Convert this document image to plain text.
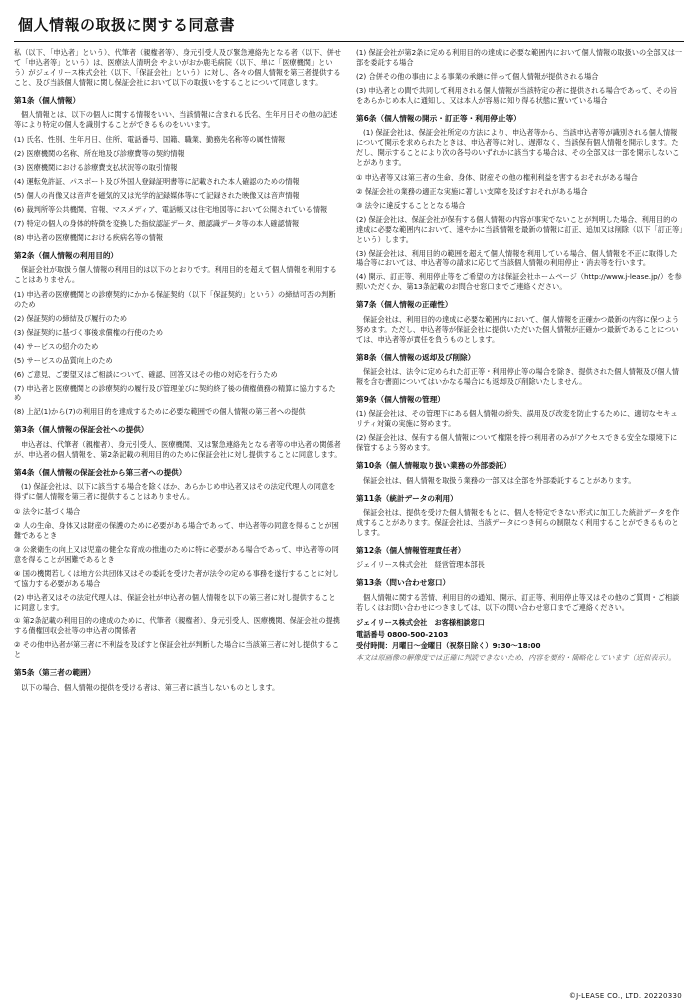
個人情報の取扱に関する同意書

私（以下、「申込者」という）、代筆者（親権者等）、身元引受人及び緊急連絡先となる者（以下、併せて「申込者等」という）は、医療法人清明会 やよいがおか鹿毛病院（以下、単に「医療機関」という）がジェイリース株式会社（以下、「保証会社」という）に対し、各々の個人情報を第三者提供すること、及び当該個人情報に関し保証会社において以下の取扱いをすることについて同意します。

第1条（個人情報）

個人情報とは、以下の個人に関する情報をいい、当該情報に含まれる氏名、生年月日その他の記述等により特定の個人を識別することができるものをいいます。

(1) 氏名、性別、生年月日、住所、電話番号、国籍、職業、勤務先名称等の属性情報

(2) 医療機関の名称、所在地及び診療費等の契約情報

(3) 医療機関における診療費支払状況等の取引情報

(4) 運転免許証、パスポート及び外国人登録証明書等に記載された本人確認のための情報

(5) 個人の肖像又は音声を磁気的又は光学的記録媒体等にて記録された映像又は音声情報

(6) 裁判所等公共機関、官報、マスメディア、電話帳又は住宅地図等において公開されている情報

(7) 特定の個人の身体的特徴を変換した指紋認証データ、顔認識データ等の本人確認情報

(8) 申込者の医療機関における疾病名等の情報

第2条（個人情報の利用目的）

保証会社が取扱う個人情報の利用目的は以下のとおりです。利用目的を超えて個人情報を利用することはありません。

(1) 申込者の医療機関との診療契約にかかる保証契約（以下「保証契約」という）の締結可否の判断のため

(2) 保証契約の締結及び履行のため

(3) 保証契約に基づく事後求償権の行使のため

(4) サービスの紹介のため

(5) サービスの品質向上のため

(6) ご意見、ご要望又はご相談について、確認、回答又はその他の対応を行うため

(7) 申込者と医療機関との診療契約の履行及び管理並びに契約終了後の債権債務の精算に協力するため

(8) 上記(1)から(7)の利用目的を達成するために必要な範囲での個人情報の第三者への提供

第3条（個人情報の保証会社への提供）

申込者は、代筆者（親権者）、身元引受人、医療機関、又は緊急連絡先となる者等の申込者の関係者が、申込者の個人情報を、第2条記載の利用目的のために保証会社に対し提供することに同意します。

第4条（個人情報の保証会社から第三者への提供）

(1) 保証会社は、以下に該当する場合を除くほか、あらかじめ申込者又はその法定代理人の同意を得ずに個人情報を第三者に提供することはありません。

① 法令に基づく場合

② 人の生命、身体又は財産の保護のために必要がある場合であって、申込者等の同意を得ることが困難であるとき

③ 公衆衛生の向上又は児童の健全な育成の推進のために特に必要がある場合であって、申込者等の同意を得ることが困難であるとき

④ 国の機関若しくは地方公共団体又はその委託を受けた者が法令の定める事務を遂行することに対して協力する必要がある場合

(2) 申込者又はその法定代理人は、保証会社が申込者の個人情報を以下の第三者に対し提供することに同意します。

① 第2条記載の利用目的の達成のために、代筆者（親権者）、身元引受人、医療機関、保証会社の提携する債権回収会社等の申込者の関係者

② その他申込者が第三者に不利益を及ぼすと保証会社が判断した場合に当該第三者に対し提供すること

第5条（第三者の範囲）

以下の場合、個人情報の提供を受ける者は、第三者に該当しないものとします。

(1) 保証会社が第2条に定める利用目的の達成に必要な範囲内において個人情報の取扱いの全部又は一部を委託する場合

(2) 合併その他の事由による事業の承継に伴って個人情報が提供される場合

(3) 申込者との間で共同して利用される個人情報が当該特定の者に提供される場合であって、その旨をあらかじめ本人に通知し、又は本人が容易に知り得る状態に置いている場合

第6条（個人情報の開示・訂正等・利用停止等）

(1) 保証会社は、保証会社所定の方法により、申込者等から、当該申込者等が識別される個人情報について開示を求められたときは、申込者等に対し、遅滞なく、当該保有個人情報を開示します。ただし、開示することにより次の各号のいずれかに該当する場合は、その全部又は一部を開示しないことがあります。

① 申込者等又は第三者の生命、身体、財産その他の権利利益を害するおそれがある場合

② 保証会社の業務の適正な実施に著しい支障を及ぼすおそれがある場合

③ 法令に違反することとなる場合

(2) 保証会社は、保証会社が保有する個人情報の内容が事実でないことが判明した場合、利用目的の達成に必要な範囲内において、速やかに当該情報を最新の情報に訂正、追加又は削除（以下「訂正等」という）します。

(3) 保証会社は、利用目的の範囲を超えて個人情報を利用している場合、個人情報を不正に取得した場合等においては、申込者等の請求に応じて当該個人情報の利用停止・消去等を行います。

(4) 開示、訂正等、利用停止等をご希望の方は保証会社ホームページ（http://www.j-lease.jp/）を参照いただくか、第13条記載のお問合せ窓口までご連絡ください。

第7条（個人情報の正確性）

保証会社は、利用目的の達成に必要な範囲内において、個人情報を正確かつ最新の内容に保つよう努めます。ただし、申込者等が保証会社に提供いただいた個人情報が正確かつ最新であることについては、申込者等が責任を負うものとします。

第8条（個人情報の返却及び削除）

保証会社は、法令に定められた訂正等・利用停止等の場合を除き、提供された個人情報及び個人情報を含む書面についてはいかなる場合にも返却及び削除いたしません。

第9条（個人情報の管理）

(1) 保証会社は、その管理下にある個人情報の紛失、誤用及び改変を防止するために、適切なセキュリティ対策の実施に努めます。

(2) 保証会社は、保有する個人情報について権限を持つ利用者のみがアクセスできる安全な環境下に保管するよう努めます。

第10条（個人情報取り扱い業務の外部委託）

保証会社は、個人情報を取扱う業務の一部又は全部を外部委託することがあります。

第11条（統計データの利用）

保証会社は、提供を受けた個人情報をもとに、個人を特定できない形式に加工した統計データを作成することがあります。保証会社は、当該データにつき何らの制限なく利用することができるものとします。

第12条（個人情報管理責任者）

ジェイリース株式会社　経営管理本部長

第13条（問い合わせ窓口）

個人情報に関する苦情、利用目的の通知、開示、訂正等、利用停止等又はその他のご質問・ご相談若しくはお問い合わせにつきましては、以下の問い合わせ窓口までご連絡ください。

ジェイリース株式会社　お客様相談窓口

電話番号 0800-500-2103

受付時間：月曜日～金曜日（祝祭日除く）9:30～18:00

本文は原画像の解像度では正確に判読できないため、内容を要約・簡略化しています（近似表示）。

©J-LEASE CO., LTD. 20220330
